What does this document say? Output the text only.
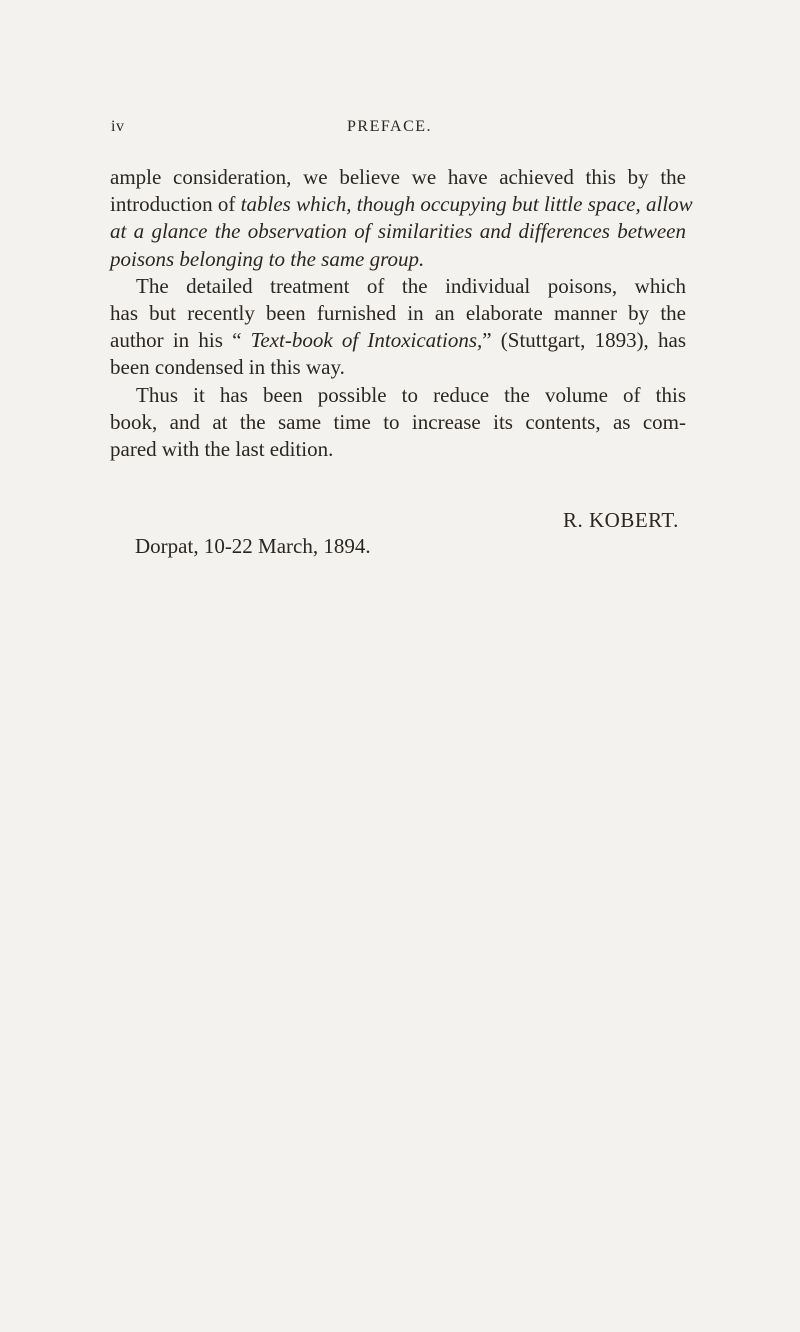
iv	PREFACE.
ample consideration, we believe we have achieved this by the
introduction of tables which, though occupying but little space, allow
at a glance the observation of similarities and differences between
poisons belonging to the same group.
The detailed treatment of the individual poisons, which
has but recently been furnished in an elaborate manner by the
author in his “ Text-book of Intoxications,” (Stuttgart, 1893), has
been condensed in this way.
Thus it has been possible to reduce the volume of this
book, and at the same time to increase its contents, as com-
pared with the last edition.
R. KOBERT.
Dorpat, 10-22 March, 1894.
